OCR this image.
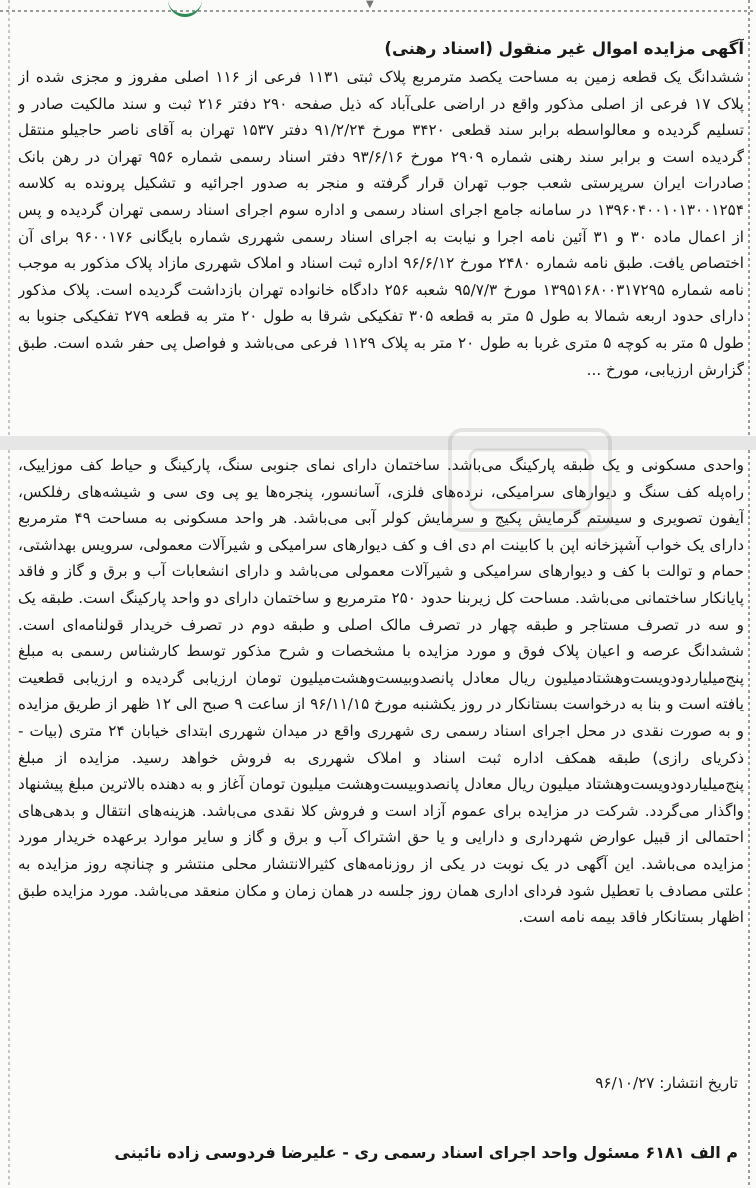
▼
آگهی مزایده اموال غیر منقول (اسناد رهنی)
ششدانگ یک قطعه زمین به مساحت یکصد مترمربع پلاک ثبتی ۱۱۳۱ فرعی از ۱۱۶ اصلی مفروز و مجزی شده از پلاک ۱۷ فرعی از اصلی مذکور واقع در اراضی علی‌آباد که ذیل صفحه ۲۹۰ دفتر ۲۱۶ ثبت و سند مالکیت صادر و تسلیم گردیده و معالواسطه برابر سند قطعی ۳۴۲۰ مورخ ۹۱/۲/۲۴ دفتر ۱۵۳۷ تهران به آقای ناصر حاجیلو منتقل گردیده است و برابر سند رهنی شماره ۲۹۰۹ مورخ ۹۳/۶/۱۶ دفتر اسناد رسمی شماره ۹۵۶ تهران در رهن بانک صادرات ایران سرپرستی شعب جوب تهران قرار گرفته و منجر به صدور اجرائیه و تشکیل پرونده به کلاسه ۱۳۹۶۰۴۰۰۱۰۱۳۰۰۱۲۵۴ در سامانه جامع اجرای اسناد رسمی و اداره سوم اجرای اسناد رسمی تهران گردیده و پس از اعمال ماده ۳۰ و ۳۱ آئین نامه اجرا و نیابت به اجرای اسناد رسمی شهرری شماره بایگانی ۹۶۰۰۱۷۶ برای آن اختصاص یافت. طبق نامه شماره ۲۴۸۰ مورخ ۹۶/۶/۱۲ اداره ثبت اسناد و املاک شهرری مازاد پلاک مذکور به موجب نامه شماره ۱۳۹۵۱۶۸۰۰۳۱۷۲۹۵ مورخ ۹۵/۷/۳ شعبه ۲۵۶ دادگاه خانواده تهران بازداشت گردیده است. پلاک مذکور دارای حدود اربعه شمالا به طول ۵ متر به قطعه ۳۰۵ تفکیکی شرقا به طول ۲۰ متر به قطعه ۲۷۹ تفکیکی جنوبا به طول ۵ متر به کوچه ۵ متری غربا به طول ۲۰ متر به پلاک ۱۱۲۹ فرعی می‌باشد و فواصل پی حفر شده است. طبق گزارش ارزیابی، مورخ ...
واحدی مسکونی و یک طبقه پارکینگ می‌باشد. ساختمان دارای نمای جنوبی سنگ، پارکینگ و حیاط کف موزاییک، راه‌پله کف سنگ و دیوارهای سرامیکی، نرده‌های فلزی، آسانسور، پنجره‌ها یو پی وی سی و شیشه‌های رفلکس، آیفون تصویری و سیستم گرمایش پکیج و سرمایش کولر آبی می‌باشد. هر واحد مسکونی به مساحت ۴۹ مترمربع دارای یک خواب آشپزخانه اپن با کابینت ام دی اف و کف دیوارهای سرامیکی و شیرآلات معمولی، سرویس بهداشتی، حمام و توالت با کف و دیوارهای سرامیکی و شیرآلات معمولی می‌باشد و دارای انشعابات آب و برق و گاز و فاقد پایانکار ساختمانی می‌باشد. مساحت کل زیربنا حدود ۲۵۰ مترمربع و ساختمان دارای دو واحد پارکینگ است. طبقه یک و سه در تصرف مستاجر و طبقه چهار در تصرف مالک اصلی و طبقه دوم در تصرف خریدار قولنامه‌ای است. ششدانگ عرصه و اعیان پلاک فوق و مورد مزایده با مشخصات و شرح مذکور توسط کارشناس رسمی به مبلغ پنج‌میلیاردودویست‌وهشتادمیلیون ریال معادل پانصدوبیست‌وهشت‌میلیون تومان ارزیابی گردیده و ارزیابی قطعیت یافته است و بنا به درخواست بستانکار در روز یکشنبه مورخ ۹۶/۱۱/۱۵ از ساعت ۹ صبح الی ۱۲ ظهر از طریق مزایده و به صورت نقدی در محل اجرای اسناد رسمی ری شهرری واقع در میدان شهرری ابتدای خیابان ۲۴ متری (بیات - ذکریای رازی) طبقه همکف اداره ثبت اسناد و املاک شهرری به فروش خواهد رسید. مزایده از مبلغ پنج‌میلیاردودویست‌وهشتاد میلیون ریال معادل پانصدوبیست‌وهشت میلیون تومان آغاز و به دهنده بالاترین مبلغ پیشنهاد واگذار می‌گردد. شرکت در مزایده برای عموم آزاد است و فروش کلا نقدی می‌باشد. هزینه‌های انتقال و بدهی‌های احتمالی از قبیل عوارض شهرداری و دارایی و یا حق اشتراک آب و برق و گاز و سایر موارد برعهده خریدار مورد مزایده می‌باشد. این آگهی در یک نوبت در یکی از روزنامه‌های کثیرالانتشار محلی منتشر و چنانچه روز مزایده به علتی مصادف با تعطیل شود فردای اداری همان روز جلسه در همان زمان و مکان منعقد می‌باشد. مورد مزایده طبق اظهار بستانکار فاقد بیمه نامه است.
تاریخ انتشار: ۹۶/۱۰/۲۷
م الف ۶۱۸۱ مسئول واحد اجرای اسناد رسمی ری - علیرضا فردوسی زاده نائینی
